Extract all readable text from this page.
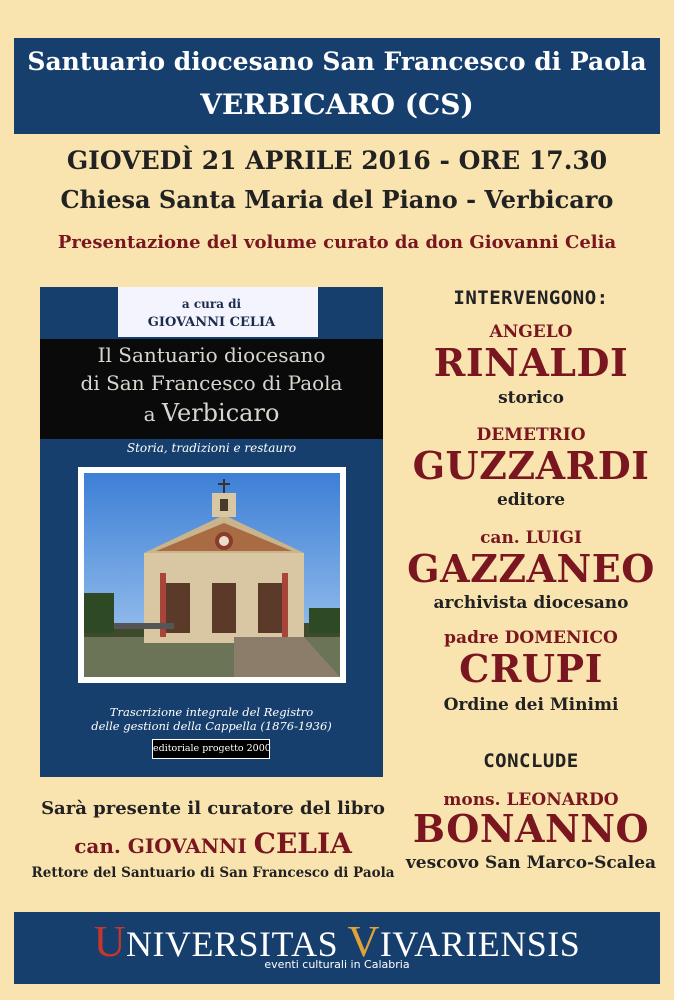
Santuario diocesano San Francesco di Paola
VERBICARO (CS)
GIOVEDÌ 21 APRILE 2016 - ORE 17.30
Chiesa Santa Maria del Piano - Verbicaro
Presentazione del volume curato da don Giovanni Celia
a cura di
GIOVANNI CELIA
Il Santuario diocesano
di San Francesco di Paola
a Verbicaro
Storia, tradizioni e restauro
Trascrizione integrale del Registro
delle gestioni della Cappella (1876-1936)
editoriale progetto 2000
INTERVENGONO:
ANGELO
RINALDI
storico
DEMETRIO
GUZZARDI
editore
can. LUIGI
GAZZANEO
archivista diocesano
padre DOMENICO
CRUPI
Ordine dei Minimi
CONCLUDE
mons. LEONARDO
BONANNO
vescovo San Marco-Scalea
Sarà presente il curatore del libro
can. GIOVANNI CELIA
Rettore del Santuario di San Francesco di Paola
UNIVERSITAS VIVARIENSIS
eventi culturali in Calabria
